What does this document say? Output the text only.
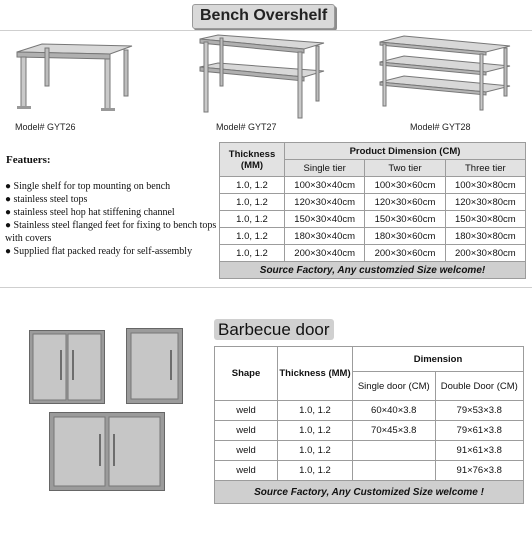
Bench Overshelf
Model# GYT26	Model# GYT27	Model# GYT28
Featuers:
● Single shelf for top mounting on bench
● stainless steel tops
● stainless steel hop hat stiffening channel
● Stainless steel flanged feet for fixing to bench tops with covers
● Supplied flat packed ready for self-assembly
Thickness (MM)	Product Dimension (CM)		
	Single tier	Two tier	Three tier
1.0, 1.2	100×30×40cm	100×30×60cm	100×30×80cm
1.0, 1.2	120×30×40cm	120×30×60cm	120×30×80cm
1.0, 1.2	150×30×40cm	150×30×60cm	150×30×80cm
1.0, 1.2	180×30×40cm	180×30×60cm	180×30×80cm
1.0, 1.2	200×30×40cm	200×30×60cm	200×30×80cm
Source Factory, Any customzied Size welcome!			
Barbecue door
Shape	Thickness (MM)	Dimension	
		Single door (CM)	Double Door (CM)
weld	1.0, 1.2	60×40×3.8	79×53×3.8
weld	1.0, 1.2	70×45×3.8	79×61×3.8
weld	1.0, 1.2		91×61×3.8
weld	1.0, 1.2		91×76×3.8
Source Factory, Any Customized Size welcome !			
